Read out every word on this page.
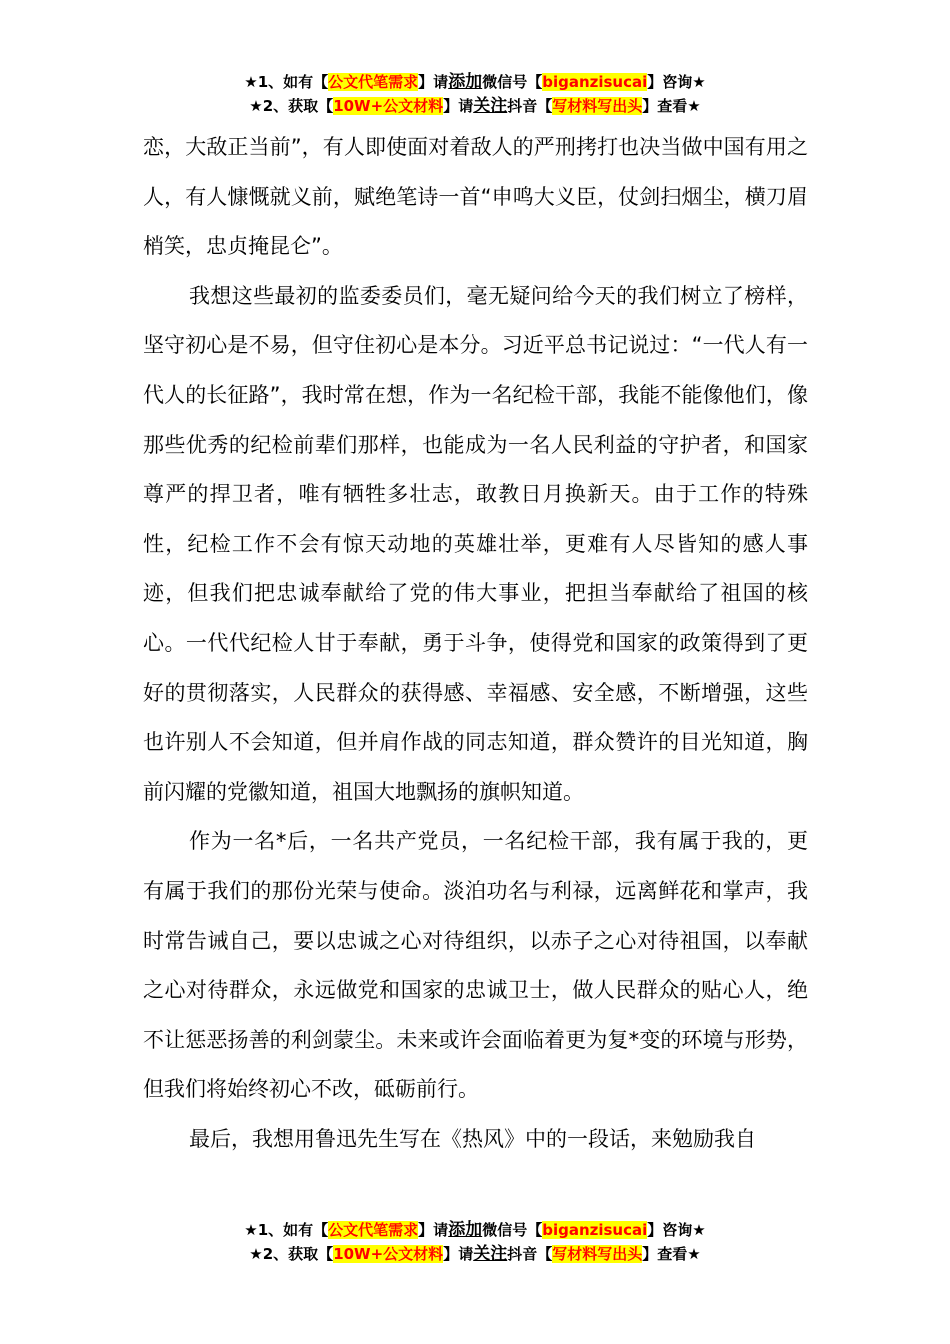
★1、如有【公文代笔需求】请添加微信号【biganzisucai】咨询★
★2、获取【10W+公文材料】请关注抖音【写材料写出头】查看★

恋，大敌正当前”，有人即使面对着敌人的严刑拷打也决当做中国有用之人，有人慷慨就义前，赋绝笔诗一首“申鸣大义臣，仗剑扫烟尘，横刀眉梢笑，忠贞掩昆仑”。

我想这些最初的监委委员们，毫无疑问给今天的我们树立了榜样，坚守初心是不易，但守住初心是本分。习近平总书记说过：“一代人有一代人的长征路”，我时常在想，作为一名纪检干部，我能不能像他们，像那些优秀的纪检前辈们那样，也能成为一名人民利益的守护者，和国家尊严的捍卫者，唯有牺牲多壮志，敢教日月换新天。由于工作的特殊性，纪检工作不会有惊天动地的英雄壮举，更难有人尽皆知的感人事迹，但我们把忠诚奉献给了党的伟大事业，把担当奉献给了祖国的核心。一代代纪检人甘于奉献，勇于斗争，使得党和国家的政策得到了更好的贯彻落实，人民群众的获得感、幸福感、安全感，不断增强，这些也许别人不会知道，但并肩作战的同志知道，群众赞许的目光知道，胸前闪耀的党徽知道，祖国大地飘扬的旗帜知道。

作为一名*后，一名共产党员，一名纪检干部，我有属于我的，更有属于我们的那份光荣与使命。淡泊功名与利禄，远离鲜花和掌声，我时常告诫自己，要以忠诚之心对待组织，以赤子之心对待祖国，以奉献之心对待群众，永远做党和国家的忠诚卫士，做人民群众的贴心人，绝不让惩恶扬善的利剑蒙尘。未来或许会面临着更为复*变的环境与形势，但我们将始终初心不改，砥砺前行。

最后，我想用鲁迅先生写在《热风》中的一段话，来勉励我自

★1、如有【公文代笔需求】请添加微信号【biganzisucai】咨询★
★2、获取【10W+公文材料】请关注抖音【写材料写出头】查看★
